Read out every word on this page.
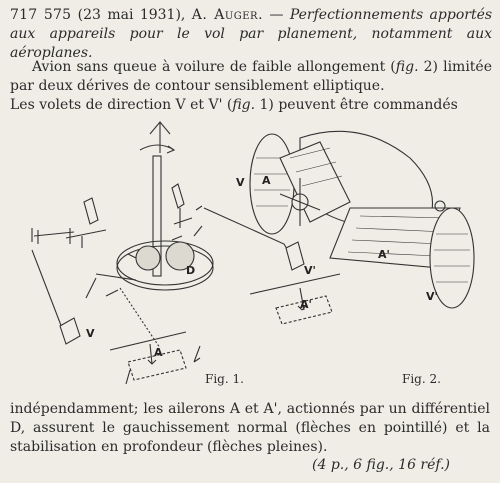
717 575 (23 mai 1931), A. Auger. — Perfectionnements apportés aux appareils pour le vol par planement, notamment aux aéroplanes.
Avion sans queue à voilure de faible allongement (fig. 2) limitée par deux dérives de contour sensiblement elliptique.
Les volets de direction V et V' (fig. 1) peuvent être commandés
V
A
D	V'
A'
V A
A'
V'
Fig. 1.	Fig. 2.
indépendamment; les ailerons A et A', actionnés par un différentiel D, assurent le gauchissement normal (flèches en pointillé) et la stabilisation en profondeur (flèches pleines).
(4 p., 6 fig., 16 réf.)
